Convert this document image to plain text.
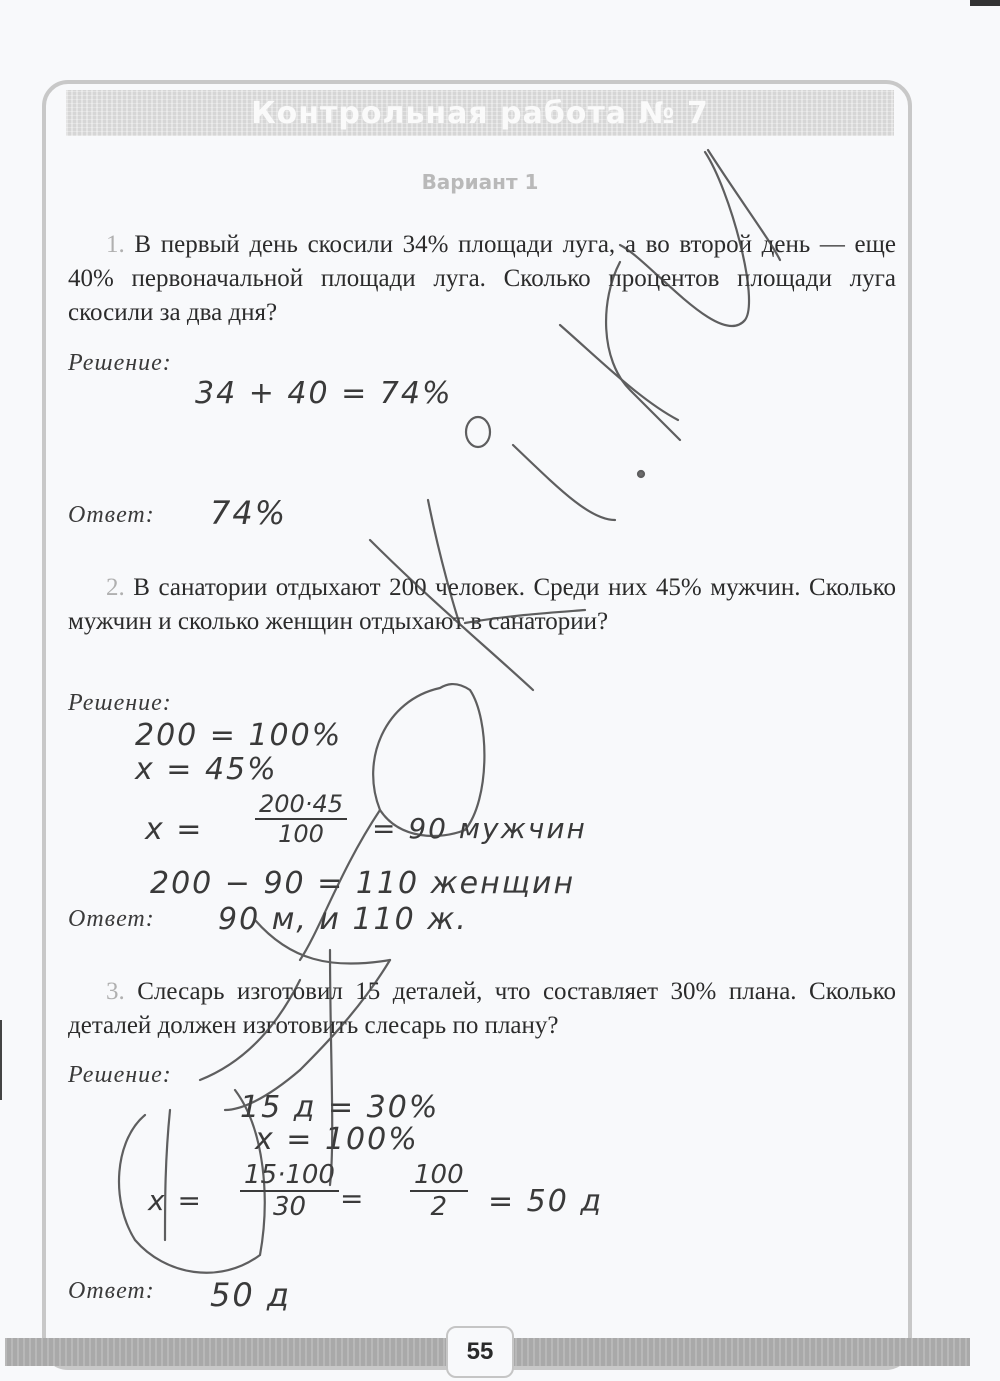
Контрольная работа № 7
Вариант 1
1. В первый день скосили 34% площади луга, а во второй день — еще 40% первоначальной площади луга. Сколько процентов площади луга скосили за два дня?
Решение:
34 + 40 = 74%
Ответ: 74%
2. В санатории отдыхают 200 человек. Среди них 45% мужчин. Сколько мужчин и сколько женщин отдыхают в санатории?
Решение:
200 = 100%
x = 45%
$x = \frac{200\cdot 45}{100} = 90$ мужчин
200 − 90 = 110 женщин
Ответ: 90 м, и 110 ж.
3. Слесарь изготовил 15 деталей, что составляет 30% плана. Сколько деталей должен изготовить слесарь по плану?
Решение:
15 д = 30%
x = 100%
$x = \frac{15\cdot 100}{30} = \frac{100}{2} = 50$ д
Ответ: 50 д
55
